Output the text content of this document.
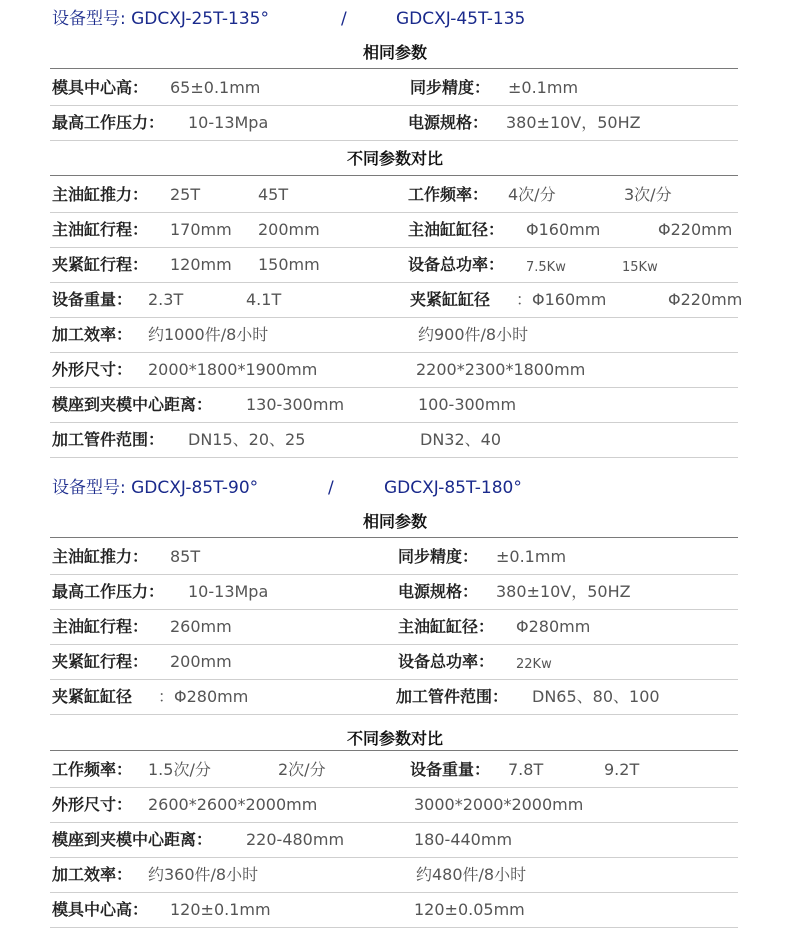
设备型号: GDCXJ-25T-135°	/	GDCXJ-45T-135
相同参数
模具中心高： 65±0.1mm	同步精度： ±0.1mm
最高工作压力： 10-13Mpa	电源规格： 380±10V，50HZ
不同参数对比
主油缸推力： 25T	45T	工作频率： 4次/分	3次/分
主油缸行程： 170mm 200mm	主油缸缸径： Φ160mm	Φ220mm
夹紧缸行程： 120mm 150mm	设备总功率： 7.5Kw	15Kw
设备重量： 2.3T	4.1T	夹紧缸缸径 ：Φ160mm	Φ220mm
加工效率： 约1000件/8小时	约900件/8小时
外形尺寸： 2000*1800*1900mm	2200*2300*1800mm
模座到夹模中心距离： 130-300mm	100-300mm
加工管件范围： DN15、20、25	DN32、40
设备型号: GDCXJ-85T-90°	/	GDCXJ-85T-180°
相同参数
主油缸推力： 85T	同步精度： ±0.1mm
最高工作压力： 10-13Mpa	电源规格： 380±10V，50HZ
主油缸行程： 260mm	主油缸缸径： Φ280mm
夹紧缸行程： 200mm	设备总功率： 22Kw
夹紧缸缸径 ：Φ280mm	加工管件范围： DN65、80、100
不同参数对比
工作频率： 1.5次/分	2次/分	设备重量： 7.8T	9.2T
外形尺寸： 2600*2600*2000mm	3000*2000*2000mm
模座到夹模中心距离： 220-480mm	180-440mm
加工效率： 约360件/8小时	约480件/8小时
模具中心高： 120±0.1mm	120±0.05mm
